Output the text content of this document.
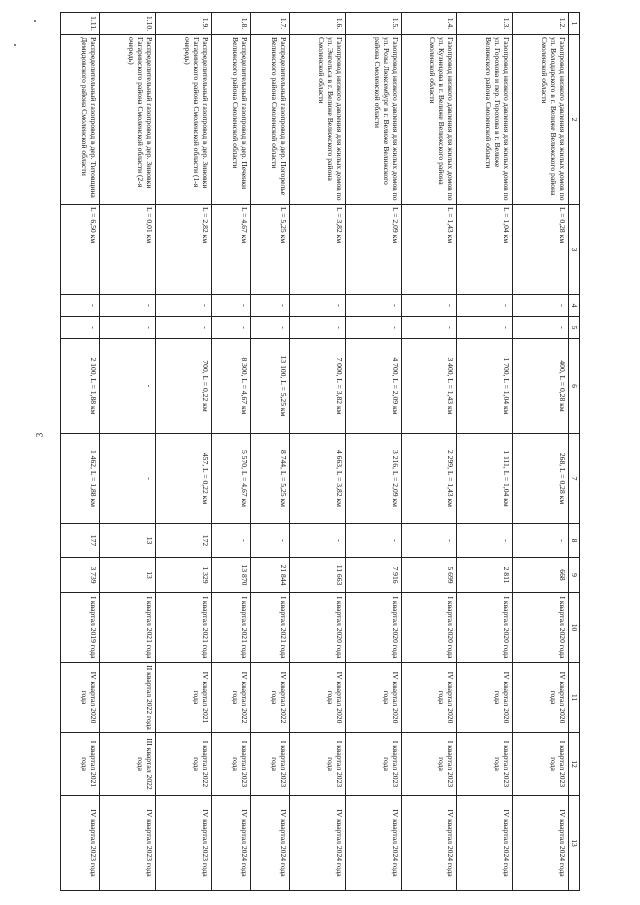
3
1	2	3	4	5	6	7	8	9	10	11	12	13
1.2.	Газопровод низкого давления для жилых домов по ул. Володарского в г. Велиже Велижского района Смоленской области	L = 0,28 км	-	-	400, L = 0,28 км	268, L = 0,28 км	-	668	I квартал 2020 года	IV квартал 2020 года	I квартал 2023 года	IV квартал 2024 года
1.3.	Газопровод низкого давления для жилых домов по ул. Горохова и пер. Горохова в г. Велиже Велижского района Смоленской области	L = 1,04 км	-	-	1 700, L = 1,04 км	1 111, L = 1,04 км	-	2 811	I квартал 2020 года	IV квартал 2020 года	I квартал 2023 года	IV квартал 2024 года
1.4.	Газопровод низкого давления для жилых домов по ул. Кузнецова в г. Велиже Велижского района Смоленской области	L = 1,43 км	-	-	3 400, L = 1,43 км	2 299, L = 1,43 км	-	5 699	I квартал 2020 года	IV квартал 2020 года	I квартал 2023 года	IV квартал 2024 года
1.5.	Газопровод низкого давления для жилых домов по ул. Розы Люксембург в г. Велиже Велижского района Смоленской области	L = 2,09 км	-	-	4 700, L = 2,09 км	3 216, L = 2,09 км	-	7 916	I квартал 2020 года	IV квартал 2020 года	I квартал 2023 года	IV квартал 2024 года
1.6.	Газопровод низкого давления для жилых домов по ул. Энгельса в г. Велиже Велижского района Смоленской области	L = 3,82 км	-	-	7 000, L = 3,82 км	4 663, L = 3,82 км	-	11 663	I квартал 2020 года	IV квартал 2020 года	I квартал 2023 года	IV квартал 2024 года
1.7.	Распределительный газопровод в дер. Погорелье Велижского района Смоленской области	L = 5,25 км	-	-	13 100, L = 5,25 км	8 744, L = 5,25 км	-	21 844	I квартал 2021 года	IV квартал 2022 года	I квартал 2023 года	IV квартал 2024 года
1.8.	Распределительный газопровод в дер. Печенки Велижского района Смоленской области	L = 4,67 км	-	-	8 300, L = 4,67 км	5 570, L = 4,67 км	-	13 870	I квартал 2021 года	IV квартал 2022 года	I квартал 2023 года	IV квартал 2024 года
1.9.	Распределительный газопровод в дер. Зиновки Гагаринского района Смоленской области (1-я очередь)	L = 2,82 км	-	-	700, L = 0,22 км	457, L = 0,22 км	172	1 329	I квартал 2021 года	IV квартал 2021 года	I квартал 2022 года	IV квартал 2023 года
1.10.	Распределительный газопровод в дер. Зиновки Гагаринского района Смоленской области (2-я очередь)	L = 0,01 км	-	-	-	-	13	13	I квартал 2021 года	II квартал 2022 года	III квартал 2022 года	IV квартал 2023 года
1.11.	Распределительный газопровод в дер. Титовщина Демидовского района Смоленской области	L = 6,50 км	-	-	2 100, L = 1,88 км	1 462, L = 1,88 км	177	3 739	I квартал 2019 года	IV квартал 2020 года	I квартал 2021 года	IV квартал 2023 года
